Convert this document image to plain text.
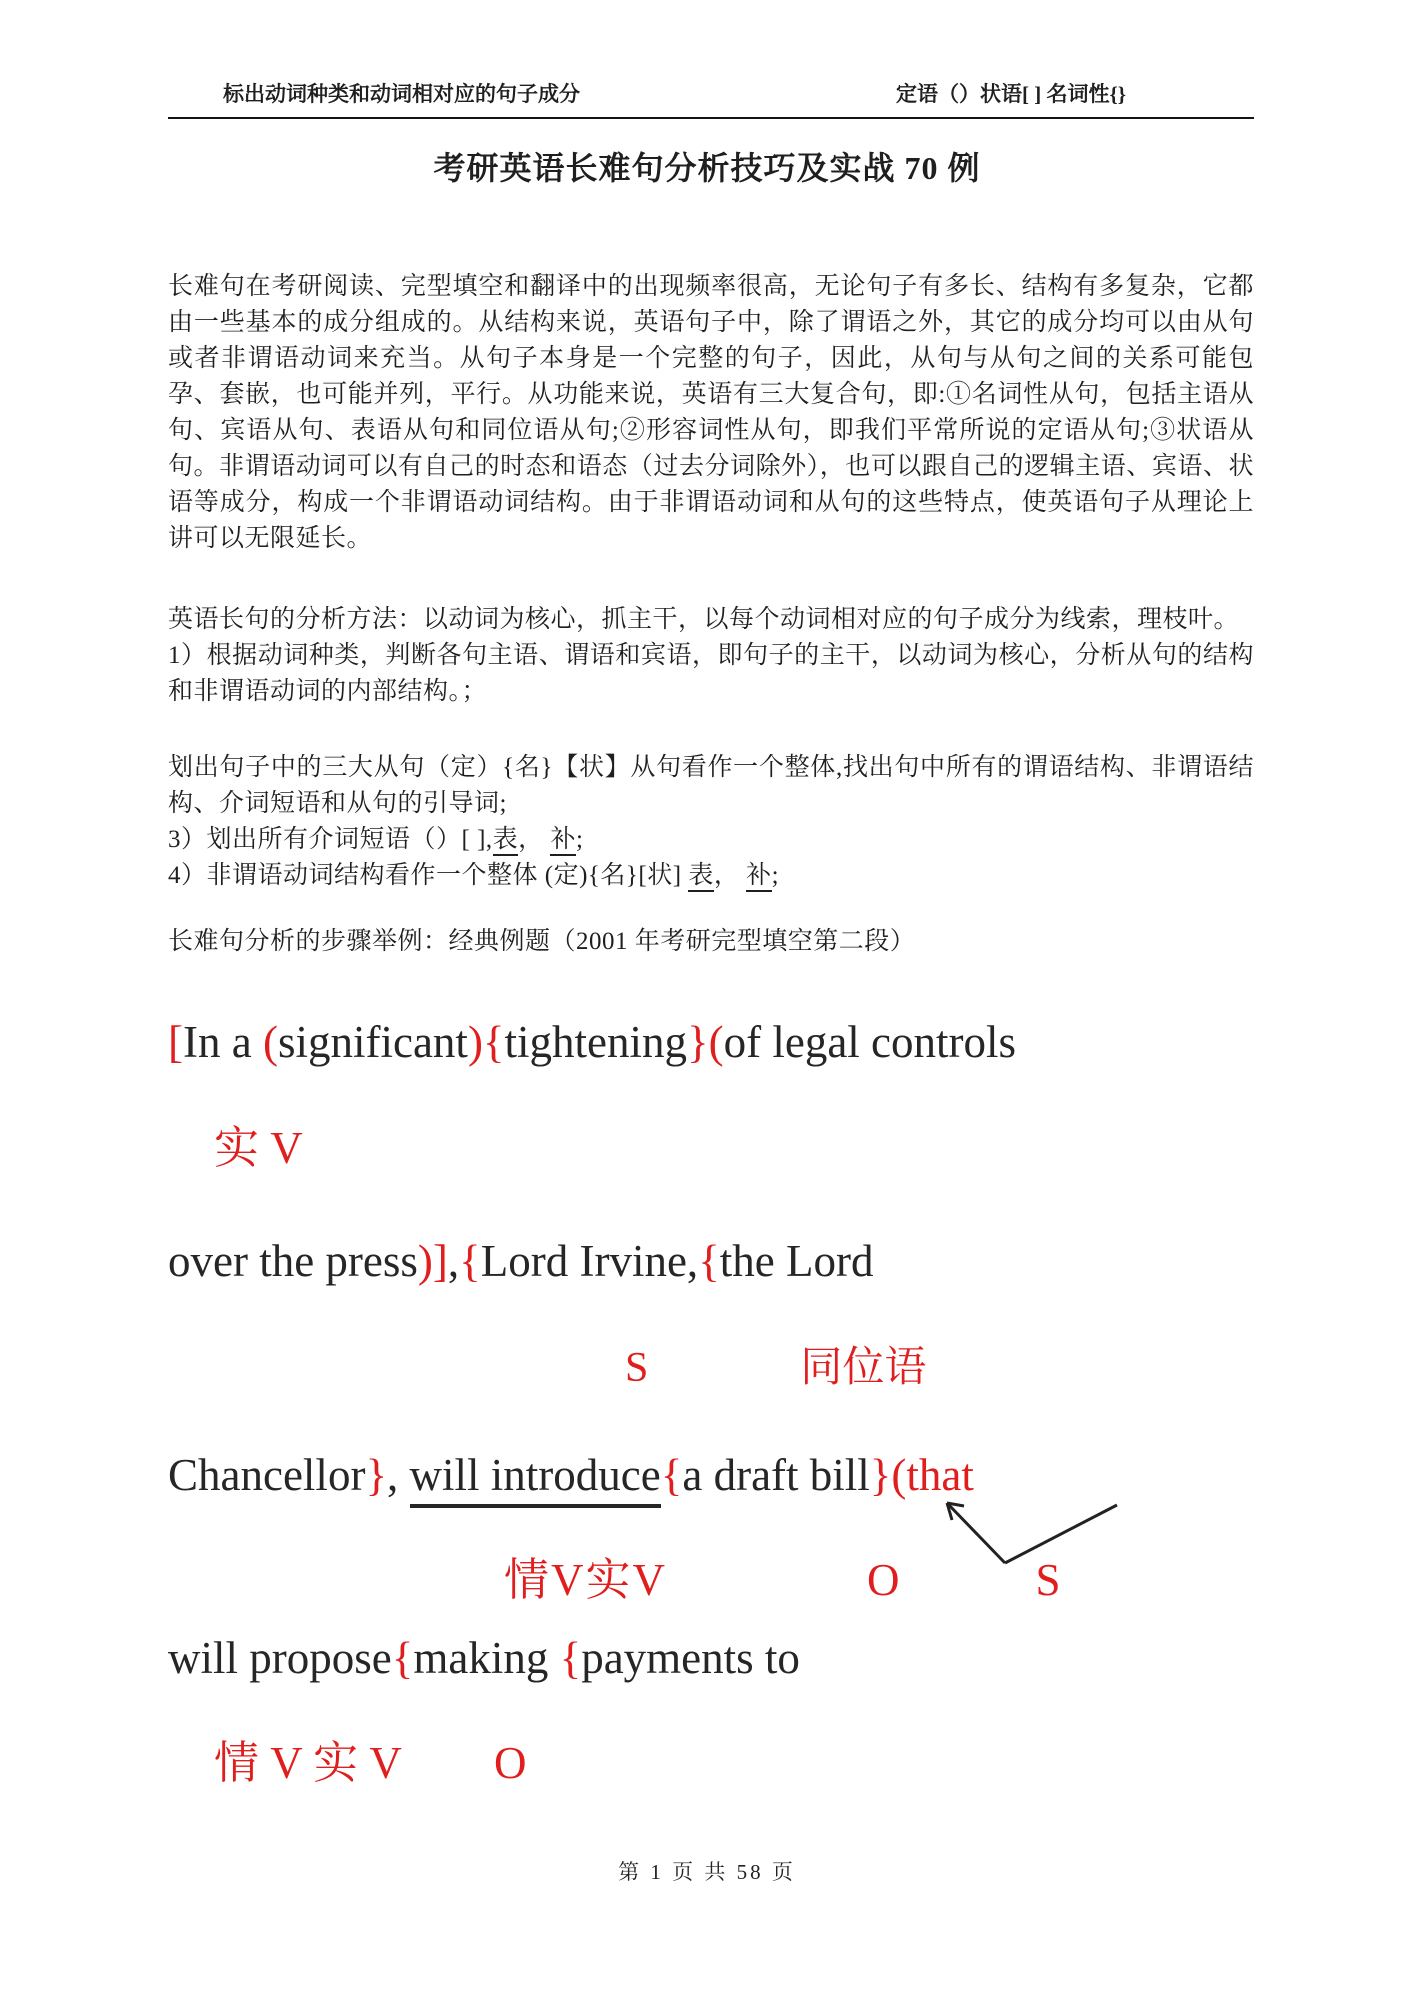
标出动词种类和动词相对应的句子成分	定语（）状语[ ] 名词性{}
考研英语长难句分析技巧及实战 70 例

长难句在考研阅读、完型填空和翻译中的出现频率很高，无论句子有多长、结构有多复杂，它都由一些基本的成分组成的。从结构来说，英语句子中，除了谓语之外，其它的成分均可以由从句或者非谓语动词来充当。从句子本身是一个完整的句子，因此，从句与从句之间的关系可能包孕、套嵌，也可能并列，平行。从功能来说，英语有三大复合句，即:①名词性从句，包括主语从句、宾语从句、表语从句和同位语从句;②形容词性从句，即我们平常所说的定语从句;③状语从句。非谓语动词可以有自己的时态和语态（过去分词除外），也可以跟自己的逻辑主语、宾语、状语等成分，构成一个非谓语动词结构。由于非谓语动词和从句的这些特点，使英语句子从理论上讲可以无限延长。

英语长句的分析方法：以动词为核心，抓主干，以每个动词相对应的句子成分为线索，理枝叶。

1）根据动词种类，判断各句主语、谓语和宾语，即句子的主干，以动词为核心，分析从句的结构和非谓语动词的内部结构。；

划出句子中的三大从句（定）{名}【状】从句看作一个整体,找出句中所有的谓语结构、非谓语结构、介词短语和从句的引导词;

3）划出所有介词短语（）[ ],表， 补;

4）非谓语动词结构看作一个整体 (定){名}[状] 表， 补;

长难句分析的步骤举例：经典例题（2001 年考研完型填空第二段）

[In a (significant){tightening}(of legal controls
实 V
over the press)],{Lord Irvine,{the Lord
S	同位语
Chancellor}, will introduce{a draft bill}(that
情V实V	O	S
will propose{making {payments to
情 V 实 V O
第 1 页 共 58 页
